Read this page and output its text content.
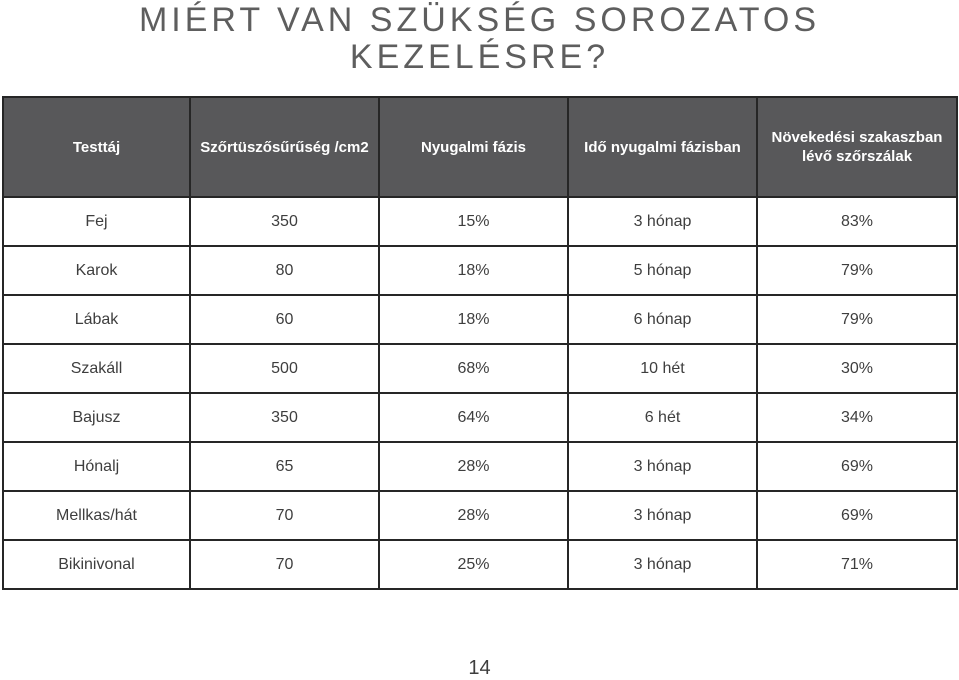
MIÉRT VAN SZÜKSÉG SOROZATOS
KEZELÉSRE?
Testtáj	Szőrtüszősűrűség /cm2	Nyugalmi fázis	Idő nyugalmi fázisban	Növekedési szakaszban lévő szőrszálak
Fej	350	15%	3 hónap	83%
Karok	80	18%	5 hónap	79%
Lábak	60	18%	6 hónap	79%
Szakáll	500	68%	10 hét	30%
Bajusz	350	64%	6 hét	34%
Hónalj	65	28%	3 hónap	69%
Mellkas/hát	70	28%	3 hónap	69%
Bikinivonal	70	25%	3 hónap	71%
14
